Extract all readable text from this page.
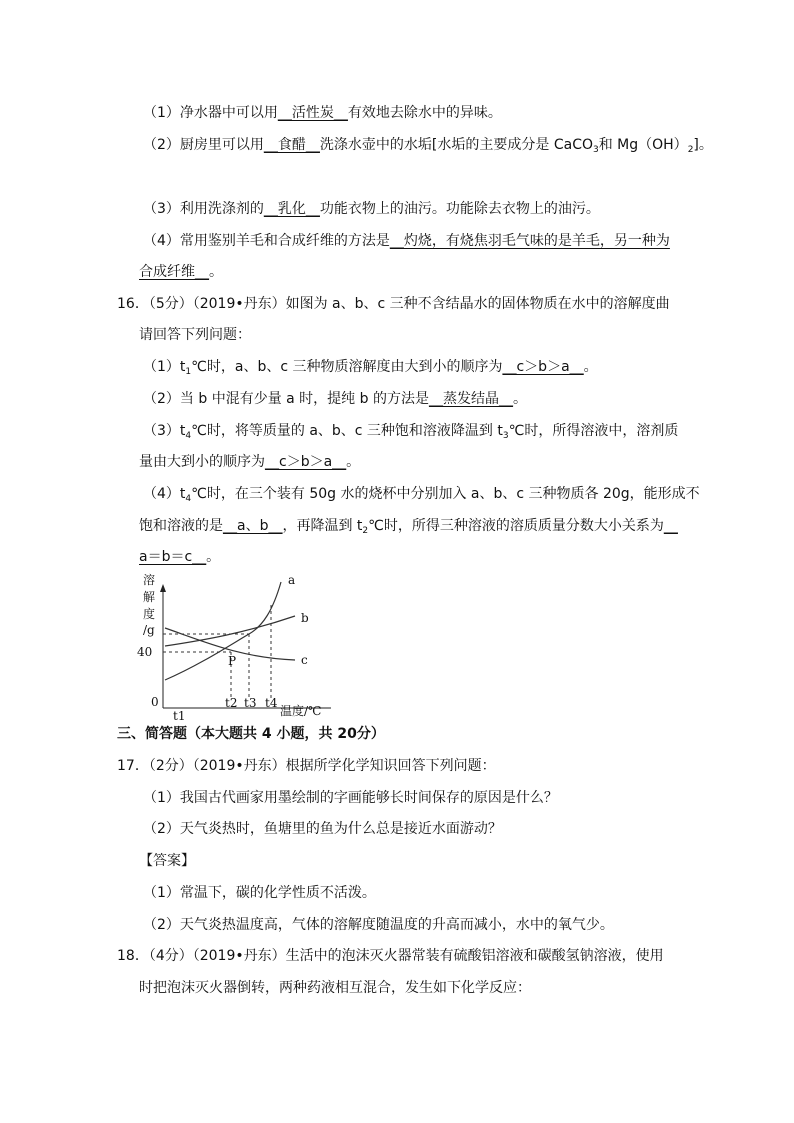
（1）净水器中可以用__活性炭__有效地去除水中的异味。
（2）厨房里可以用__食醋__洗涤水壶中的水垢[水垢的主要成分是 CaCO$_3$和 $Mg(OH)_2$]。
（3）利用洗涤剂的__乳化__功能衣物上的油污。功能除去衣物上的油污。
（4）常用鉴别羊毛和合成纤维的方法是__灼烧，有烧焦羽毛气味的是羊毛，另一种为
合成纤维__。
16．（5分）（2019•丹东）如图为 a、b、c 三种不含结晶水的固体物质在水中的溶解度曲
请回答下列问题：
$(1)t_1℃$时，a、b、c 三种物质溶解度由大到小的顺序为__c＞b＞a__。
（2）当 b 中混有少量 a 时，提纯 b 的方法是__蒸发结晶__。
$(3)t_4℃$时，将等质量的 a、b、c 三种饱和溶液降温到 $t_3℃$时，所得溶液中，溶剂质
量由大到小的顺序为__c＞b＞a__。
$(4)t_4℃$时，在三个装有 50g 水的烧杯中分别加入 a、b、c 三种物质各 20g，能形成不
饱和溶液的是__a、b__，再降温到 $t_2℃$时，所得三种溶液的溶质质量分数大小关系为__
a＝b＝c__。
溶
解
度
/g
40
0
a
b
c
P
t1
t2 t3 t4
温度/℃
三、简答题（本大题共 4 小题，共 20分）
17．（2分）（2019•丹东）根据所学化学知识回答下列问题：
（1）我国古代画家用墨绘制的字画能够长时间保存的原因是什么？
（2）天气炎热时，鱼塘里的鱼为什么总是接近水面游动？
【答案】
（1）常温下，碳的化学性质不活泼。
（2）天气炎热温度高，气体的溶解度随温度的升高而减小，水中的氧气少。
18．（4分）（2019•丹东）生活中的泡沫灭火器常装有硫酸铝溶液和碳酸氢钠溶液，使用
时把泡沫灭火器倒转，两种药液相互混合，发生如下化学反应：
